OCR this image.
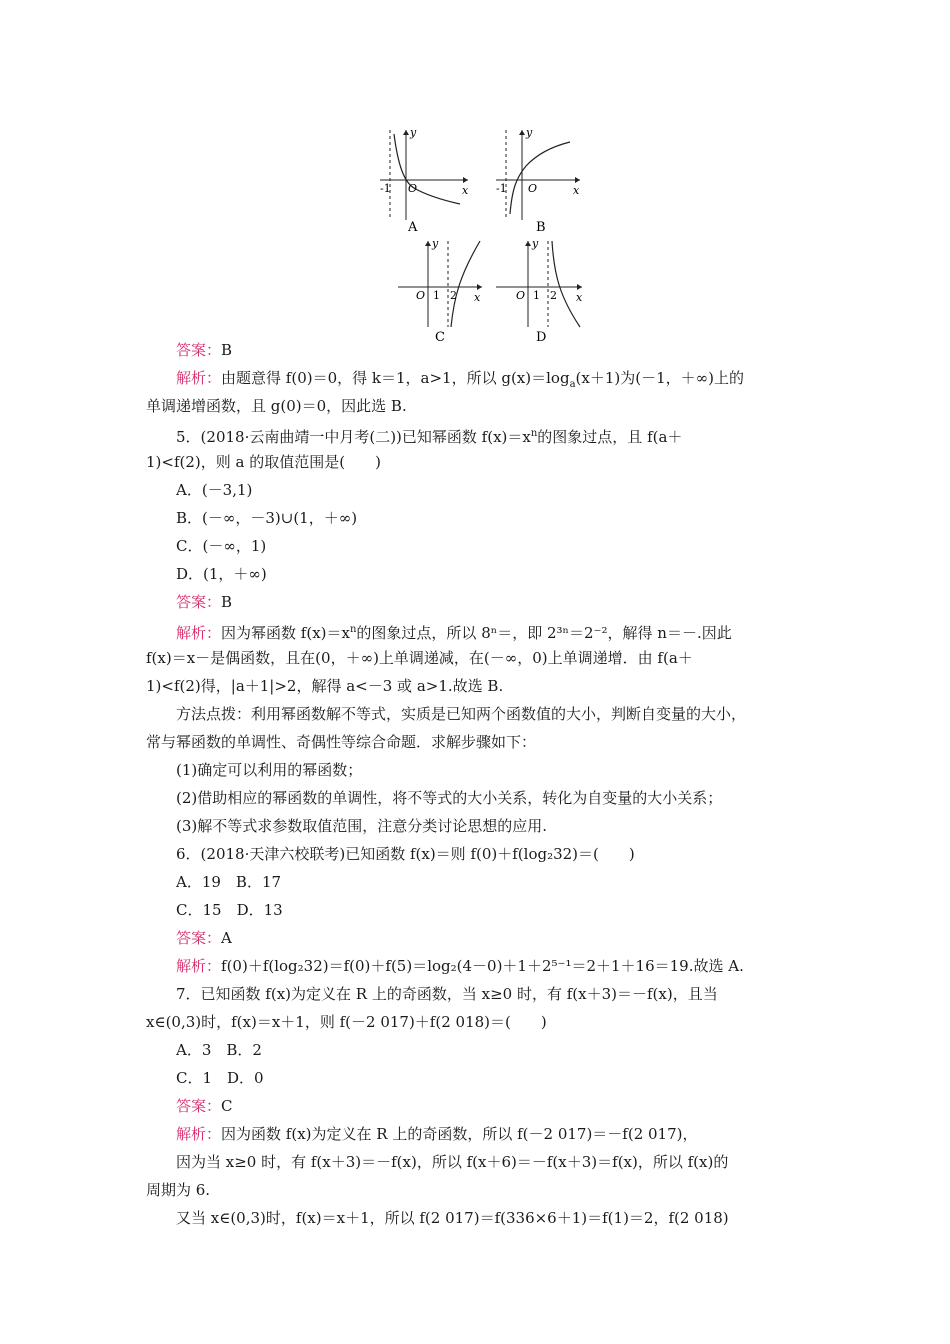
y
x
O
-1
A
y
x
O
-1
B
y
x
O 1 2
C
y
x
O 1 2
D
答案：B
解析：由题意得 f(0)＝0，得 k＝1，a>1，所以 $g(x)=\log_a(x+1)$为(－1，＋∞)上的
单调递增函数，且 g(0)＝0，因此选 B.
5．(2018·云南曲靖一中月考(二))已知幂函数 $f(x)=x^n$的图象过点，且 f(a＋
1)<f(2)，则 a 的取值范围是(　　)
A．(－3,1)
B．(－∞，－3)∪(1，＋∞)
C．(－∞，1)
D．(1，＋∞)
答案：B
解析：因为幂函数 $f(x)=x^n$的图象过点，所以 8ⁿ＝，即 2³ⁿ＝2⁻²，解得 n＝－.因此
f(x)＝x－是偶函数，且在(0，＋∞)上单调递减，在(－∞，0)上单调递增．由 f(a＋
1)<f(2)得，|a＋1|>2，解得 a<－3 或 a>1.故选 B.
方法点拨：利用幂函数解不等式，实质是已知两个函数值的大小，判断自变量的大小，
常与幂函数的单调性、奇偶性等综合命题．求解步骤如下：
(1)确定可以利用的幂函数；
(2)借助相应的幂函数的单调性，将不等式的大小关系，转化为自变量的大小关系；
(3)解不等式求参数取值范围，注意分类讨论思想的应用.
6．(2018·天津六校联考)已知函数 f(x)＝则 f(0)＋f(log₂32)＝(　　)
A．19　B．17
C．15　D．13
答案：A
解析：f(0)＋f(log₂32)＝f(0)＋f(5)＝log₂(4－0)＋1＋2⁵⁻¹＝2＋1＋16＝19.故选 A.
7．已知函数 f(x)为定义在 R 上的奇函数，当 x≥0 时，有 f(x＋3)＝－f(x)，且当
x∈(0,3)时，f(x)＝x＋1，则 f(－2 017)＋f(2 018)＝(　　)
A．3　B．2
C．1　D．0
答案：C
解析：因为函数 f(x)为定义在 R 上的奇函数，所以 f(－2 017)＝－f(2 017)，
因为当 x≥0 时，有 f(x＋3)＝－f(x)，所以 f(x＋6)＝－f(x＋3)＝f(x)，所以 f(x)的
周期为 6.
又当 x∈(0,3)时，f(x)＝x＋1，所以 f(2 017)＝f(336×6＋1)＝f(1)＝2，f(2 018)
